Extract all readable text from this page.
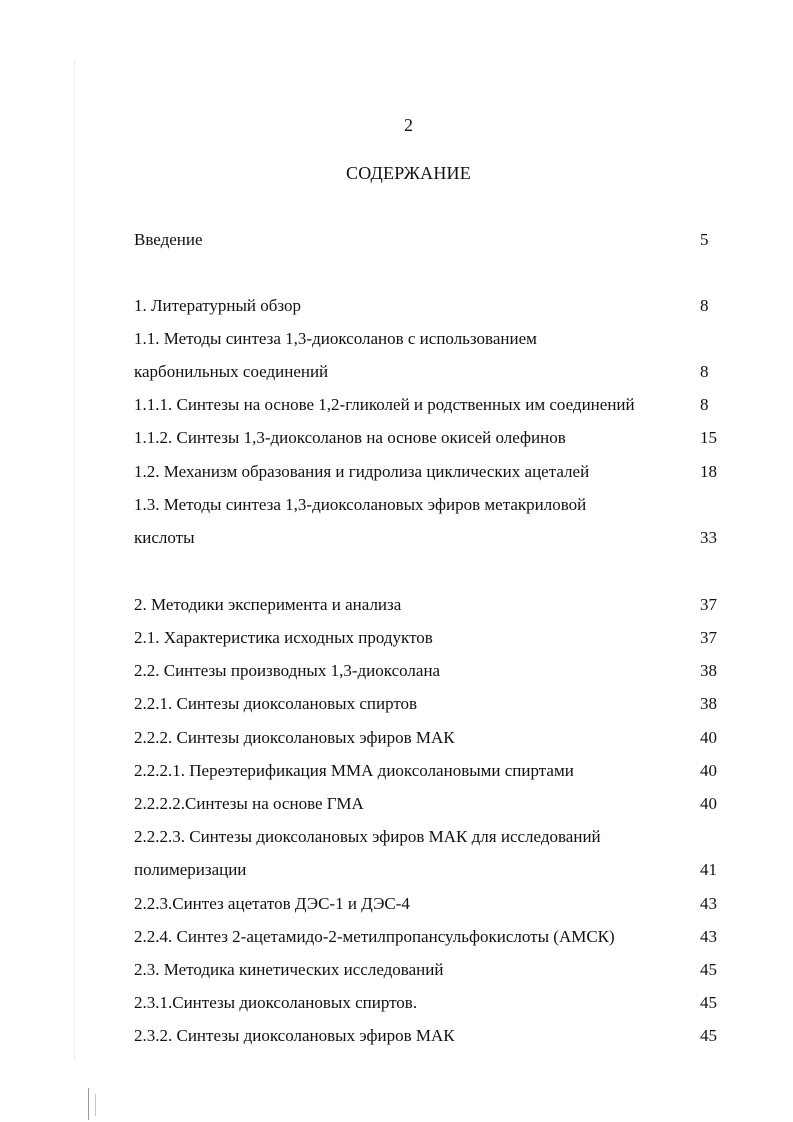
2
СОДЕРЖАНИЕ
Введение	5
1. Литературный обзор	8
1.1. Методы синтеза 1,3-диоксоланов с использованием
карбонильных соединений	8
1.1.1. Синтезы на основе 1,2-гликолей и родственных им соединений	8
1.1.2. Синтезы 1,3-диоксоланов на основе окисей олефинов	15
1.2. Механизм образования и гидролиза циклических ацеталей	18
1.3. Методы синтеза 1,3-диоксолановых эфиров метакриловой
кислоты	33
2. Методики эксперимента и анализа	37
2.1. Характеристика исходных продуктов	37
2.2. Синтезы производных 1,3-диоксолана	38
2.2.1. Синтезы диоксолановых спиртов	38
2.2.2. Синтезы диоксолановых эфиров МАК	40
2.2.2.1. Переэтерификация ММА диоксолановыми спиртами	40
2.2.2.2.Синтезы на основе ГМА	40
2.2.2.3. Синтезы диоксолановых эфиров МАК для исследований
полимеризации	41
2.2.3.Синтез ацетатов ДЭС-1 и ДЭС-4	43
2.2.4. Синтез 2-ацетамидо-2-метилпропансульфокислоты (АМСК)	43
2.3. Методика кинетических исследований	45
2.3.1.Синтезы диоксолановых спиртов.	45
2.3.2. Синтезы диоксолановых эфиров МАК	45
